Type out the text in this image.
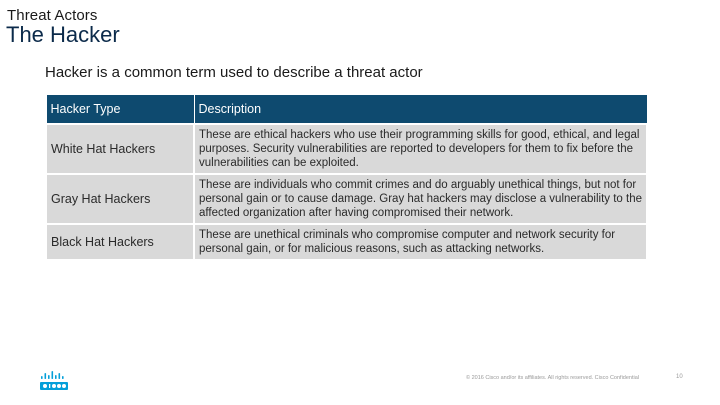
Threat Actors
The Hacker
Hacker is a common term used to describe a threat actor
Hacker Type	Description
White Hat Hackers	These are ethical hackers who use their programming skills for good, ethical, and legal purposes. Security vulnerabilities are reported to developers for them to fix before the vulnerabilities can be exploited.
Gray Hat Hackers	These are individuals who commit crimes and do arguably unethical things, but not for personal gain or to cause damage. Gray hat hackers may disclose a vulnerability to the affected organization after having compromised their network.
Black Hat Hackers	These are unethical criminals who compromise computer and network security for personal gain, or for malicious reasons, such as attacking networks.
© 2016 Cisco and/or its affiliates. All rights reserved. Cisco Confidential	10
